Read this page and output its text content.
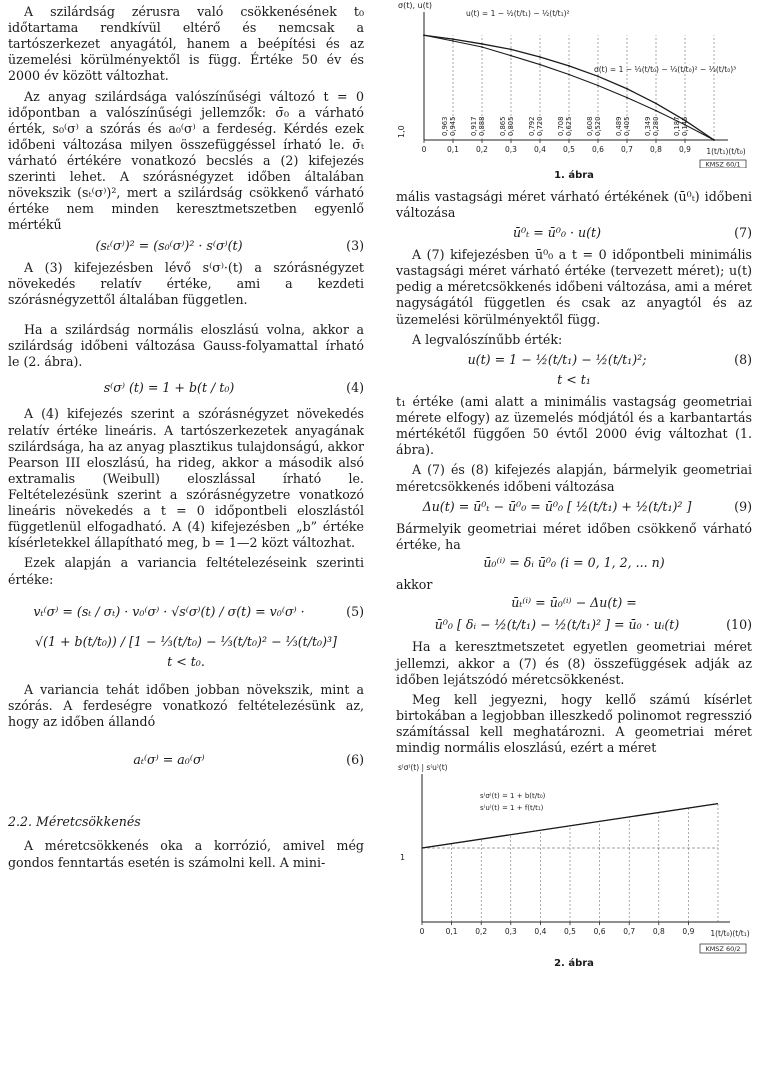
A szilárdság zérusra való csökkenésének t₀ időtartama rendkívül eltérő és nemcsak a tartószerkezet anyagától, hanem a beépítési és az üzemelési körülményektől is függ. Értéke 50 év és 2000 év között változhat.

Az anyag szilárdsága valószínűségi változó t = 0 időpontban a valószínűségi jellemzők: σ̄₀ a várható érték, s₀⁽σ⁾ a szórás és a₀⁽σ⁾ a ferdeség. Kérdés ezek időbeni változása milyen összefüggéssel írható le. σ̄ₜ várható értékére vonatkozó becslés a (2) kifejezés szerinti lehet. A szórásnégyzet időben általában növekszik (sₜ⁽σ⁾)², mert a szilárdság csökkenő várható értéke nem minden keresztmetszetben egyenlő mértékű

(sₜ⁽σ⁾)² = (s₀⁽σ⁾)² · s⁽σ⁾(t)	(3)

A (3) kifejezésben lévő s⁽σ⁾·(t) a szórásnégyzet növekedés relatív értéke, ami a kezdeti szórásnégyzettől általában független.

Ha a szilárdság normális eloszlású volna, akkor a szilárdság időbeni változása Gauss-folyamattal írható le (2. ábra).

s⁽σ⁾ (t) = 1 + b(t / t₀)	(4)

A (4) kifejezés szerint a szórásnégyzet növekedés relatív értéke lineáris. A tartószerkezetek anyagának szilárdsága, ha az anyag plasztikus tulajdonságú, akkor Pearson III eloszlású, ha rideg, akkor a második alsó extramalis (Weibull) eloszlással írható le. Feltételezésünk szerint a szórásnégyzetre vonatkozó lineáris növekedés a t = 0 időpontbeli eloszlástól függetlenül elfogadható. A (4) kifejezésben „b” értéke kísérletekkel állapítható meg, b = 1—2 közt változhat.

Ezek alapján a variancia feltételezéseink szerinti értéke:

vₜ⁽σ⁾ = (sₜ / σₜ) · v₀⁽σ⁾ · √s⁽σ⁾(t) / σ(t) = v₀⁽σ⁾ ·	(5)
√(1 + b(t/t₀)) / [1 − ⅓(t/t₀) − ⅓(t/t₀)² − ⅓(t/t₀)³]
t < t₀.

A variancia tehát időben jobban növekszik, mint a szórás. A ferdeségre vonatkozó feltételezésünk az, hogy az időben állandó

aₜ⁽σ⁾ = a₀⁽σ⁾	(6)
2.2. Méretcsökkenés

A méretcsökkenés oka a korrózió, amivel még gondos fenntartás esetén is számolni kell. A mini-

σ(t), u(t)
u(t) = 1 − ½(t/t₁) − ½(t/t₁)²
σ(t) = 1 − ⅓(t/t₀) − ⅓(t/t₀)² − ⅓(t/t₀)³
1,0
0	0,1 0,2 0,3 0,4 0,5 0,6 0,7 0,8 0,9
0,963 0,945 0,917 0,888 0,865 0,805 0,792 0,720 0,708 0,625 0,608 0,520 0,489 0,405 0,349 0,280 0,187 0,145
1(t/t₁)(t/t₀)
KMSZ 60/1
1. ábra

mális vastagsági méret várható értékének (ū⁰ₜ) időbeni változása

ū⁰ₜ = ū⁰₀ · u(t)	(7)

A (7) kifejezésben ū⁰₀ a t = 0 időpontbeli minimális vastagsági méret várható értéke (tervezett méret); u(t) pedig a méretcsökkenés időbeni változása, ami a méret nagyságától független és csak az anyagtól és az üzemelési körülményektől függ.

A legvalószínűbb érték:

u(t) = 1 − ½(t/t₁) − ½(t/t₁)²;	(8)
t < t₁

t₁ értéke (ami alatt a minimális vastagság geometriai mérete elfogy) az üzemelés módjától és a karbantartás mértékétől függően 50 évtől 2000 évig változhat (1. ábra).

A (7) és (8) kifejezés alapján, bármelyik geometriai méretcsökkenés időbeni változása

Δu(t) = ū⁰ₜ − ū⁰₀ = ū⁰₀ [ ½(t/t₁) + ½(t/t₁)² ]	(9)

Bármelyik geometriai méret időben csökkenő várható értéke, ha

ū₀⁽ⁱ⁾ = δᵢ ū⁰₀ (i = 0, 1, 2, ... n)

akkor

ūₜ⁽ⁱ⁾ = ū₀⁽ⁱ⁾ − Δu(t) =
ū⁰₀ [ δᵢ − ½(t/t₁) − ½(t/t₁)² ] = ū₀ · uᵢ(t)	(10)

Ha a keresztmetszetet egyetlen geometriai méret jellemzi, akkor a (7) és (8) összefüggések adják az időben lejátszódó méretcsökkenést.

Meg kell jegyezni, hogy kellő számú kísérlet birtokában a legjobban illeszkedő polinomot regresszió számítással kell meghatározni. A geometriai méret mindig normális eloszlású, ezért a méret

s⁽σ⁾(t) | s⁽u⁾(t)
s⁽σ⁾(t) = 1 + b(t/t₀)
s⁽u⁾(t) = 1 + f(t/t₁)
1
0	0,1 0,2 0,3 0,4 0,5 0,6 0,7 0,8 0,9 1(t/t₀)(t/t₁)
KMSZ 60/2
2. ábra
